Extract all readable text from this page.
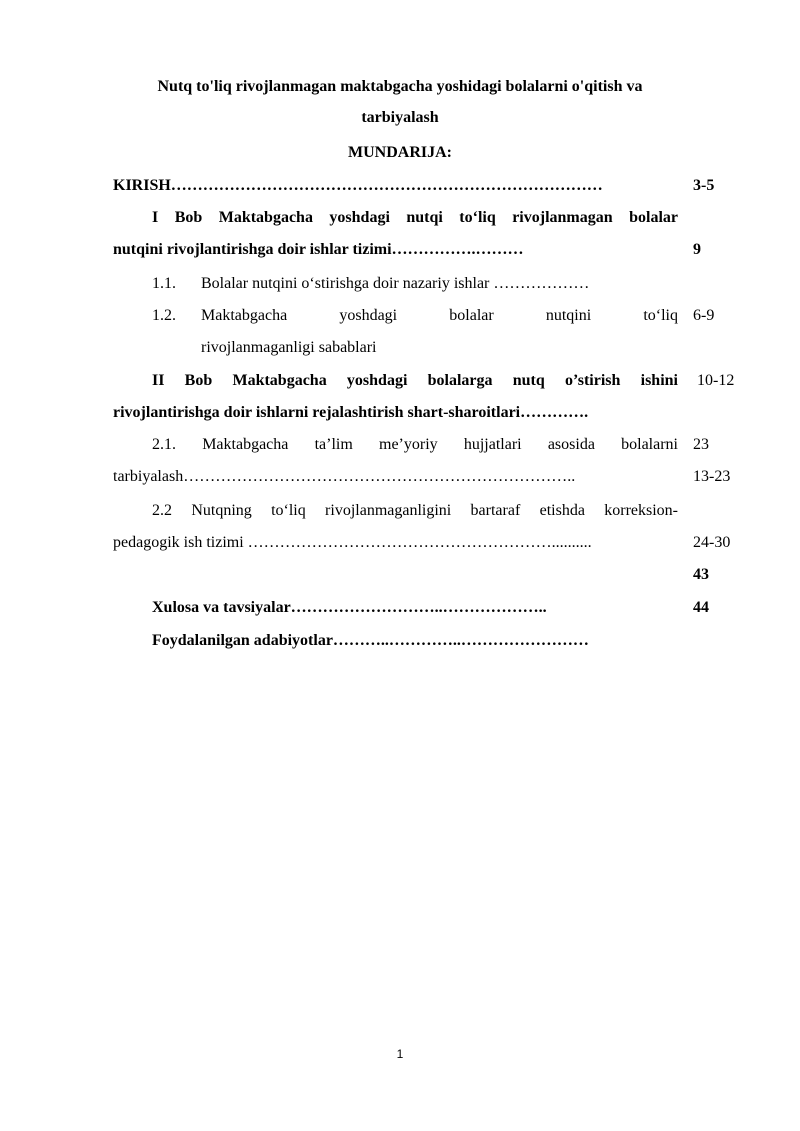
Nutq to'liq rivojlanmagan maktabgacha yoshidagi bolalarni o'qitish va
tarbiyalash
MUNDARIJA:
KIRISH………………………………………………………………………	3-5
I Bob Maktabgacha yoshdagi nutqi to‘liq rivojlanmagan bolalar
nutqini rivojlantirishga doir ishlar tizimi…………….………	9
1.1. Bolalar nutqini o‘stirishga doir nazariy ishlar ………………
1.2. Maktabgacha yoshdagi bolalar nutqini to‘liq 6-9
rivojlanmaganligi sabablari
II Bob Maktabgacha yoshdagi bolalarga nutq o’stirish ishini 10-12
rivojlantirishga doir ishlarni rejalashtirish shart-sharoitlari………….
2.1. Maktabgacha ta’lim me’yoriy hujjatlari asosida bolalarni 23
tarbiyalash………………………………………………………………..	13-23
2.2 Nutqning to‘liq rivojlanmaganligini bartaraf etishda korreksion-
pedagogik ish tizimi …………………………………………………..........	24-30
43
Xulosa va tavsiyalar………………………..………………..	44
Foydalanilgan adabiyotlar………..…………..……………………
1
